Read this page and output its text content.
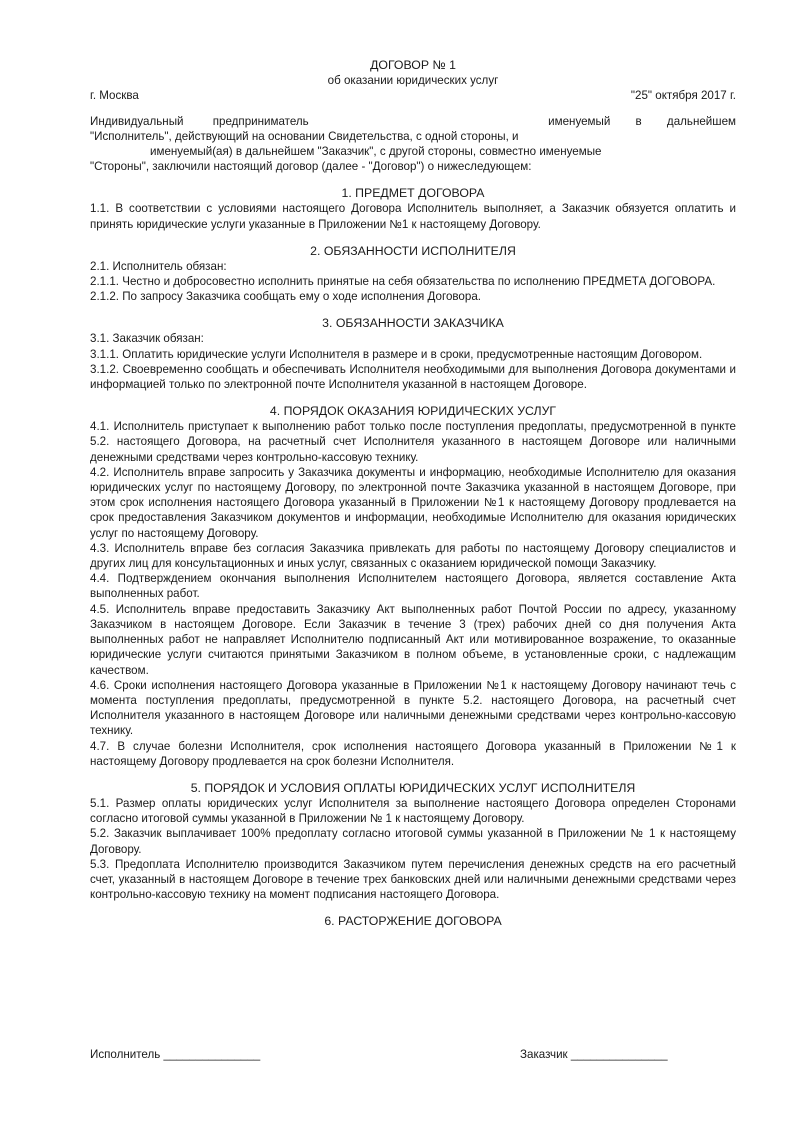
ДОГОВОР № 1
об оказании юридических услуг
г. Москва	"25" октября 2017 г.
Индивидуальный предприниматель	именуемый в дальнейшем

"Исполнитель", действующий на основании Свидетельства, с одной стороны, и

именуемый(ая) в дальнейшем "Заказчик", с другой стороны, совместно именуемые

"Стороны", заключили настоящий договор (далее - "Договор") о нижеследующем:

1. ПРЕДМЕТ ДОГОВОРА

1.1. В соответствии с условиями настоящего Договора Исполнитель выполняет, а Заказчик обязуется оплатить и принять юридические услуги указанные в Приложении №1 к настоящему Договору.

2. ОБЯЗАННОСТИ ИСПОЛНИТЕЛЯ

2.1. Исполнитель обязан:

2.1.1. Честно и добросовестно исполнить принятые на себя обязательства по исполнению ПРЕДМЕТА ДОГОВОРА.

2.1.2. По запросу Заказчика сообщать ему о ходе исполнения Договора.

3. ОБЯЗАННОСТИ ЗАКАЗЧИКА

3.1. Заказчик обязан:

3.1.1. Оплатить юридические услуги Исполнителя в размере и в сроки, предусмотренные настоящим Договором.

3.1.2. Своевременно сообщать и обеспечивать Исполнителя необходимыми для выполнения Договора документами и информацией только по электронной почте Исполнителя указанной в настоящем Договоре.

4. ПОРЯДОК ОКАЗАНИЯ ЮРИДИЧЕСКИХ УСЛУГ

4.1. Исполнитель приступает к выполнению работ только после поступления предоплаты, предусмотренной в пункте 5.2. настоящего Договора, на расчетный счет Исполнителя указанного в настоящем Договоре или наличными денежными средствами через контрольно-кассовую технику.

4.2. Исполнитель вправе запросить у Заказчика документы и информацию, необходимые Исполнителю для оказания юридических услуг по настоящему Договору, по электронной почте Заказчика указанной в настоящем Договоре, при этом срок исполнения настоящего Договора указанный в Приложении №1 к настоящему Договору продлевается на срок предоставления Заказчиком документов и информации, необходимые Исполнителю для оказания юридических услуг по настоящему Договору.

4.3. Исполнитель вправе без согласия Заказчика привлекать для работы по настоящему Договору специалистов и других лиц для консультационных и иных услуг, связанных с оказанием юридической помощи Заказчику.

4.4. Подтверждением окончания выполнения Исполнителем настоящего Договора, является составление Акта выполненных работ.

4.5. Исполнитель вправе предоставить Заказчику Акт выполненных работ Почтой России по адресу, указанному Заказчиком в настоящем Договоре. Если Заказчик в течение 3 (трех) рабочих дней со дня получения Акта выполненных работ не направляет Исполнителю подписанный Акт или мотивированное возражение, то оказанные юридические услуги считаются принятыми Заказчиком в полном объеме, в установленные сроки, с надлежащим качеством.

4.6. Сроки исполнения настоящего Договора указанные в Приложении №1 к настоящему Договору начинают течь с момента поступления предоплаты, предусмотренной в пункте 5.2. настоящего Договора, на расчетный счет Исполнителя указанного в настоящем Договоре или наличными денежными средствами через контрольно-кассовую технику.

4.7. В случае болезни Исполнителя, срок исполнения настоящего Договора указанный в Приложении №1 к настоящему Договору продлевается на срок болезни Исполнителя.

5. ПОРЯДОК И УСЛОВИЯ ОПЛАТЫ ЮРИДИЧЕСКИХ УСЛУГ ИСПОЛНИТЕЛЯ

5.1. Размер оплаты юридических услуг Исполнителя за выполнение настоящего Договора определен Сторонами согласно итоговой суммы указанной в Приложении № 1 к настоящему Договору.

5.2. Заказчик выплачивает 100% предоплату согласно итоговой суммы указанной в Приложении № 1 к настоящему Договору.

5.3. Предоплата Исполнителю производится Заказчиком путем перечисления денежных средств на его расчетный счет, указанный в настоящем Договоре в течение трех банковских дней или наличными денежными средствами через контрольно-кассовую технику на момент подписания настоящего Договора.

6. РАСТОРЖЕНИЕ ДОГОВОРА

Исполнитель _______________	Заказчик _______________
